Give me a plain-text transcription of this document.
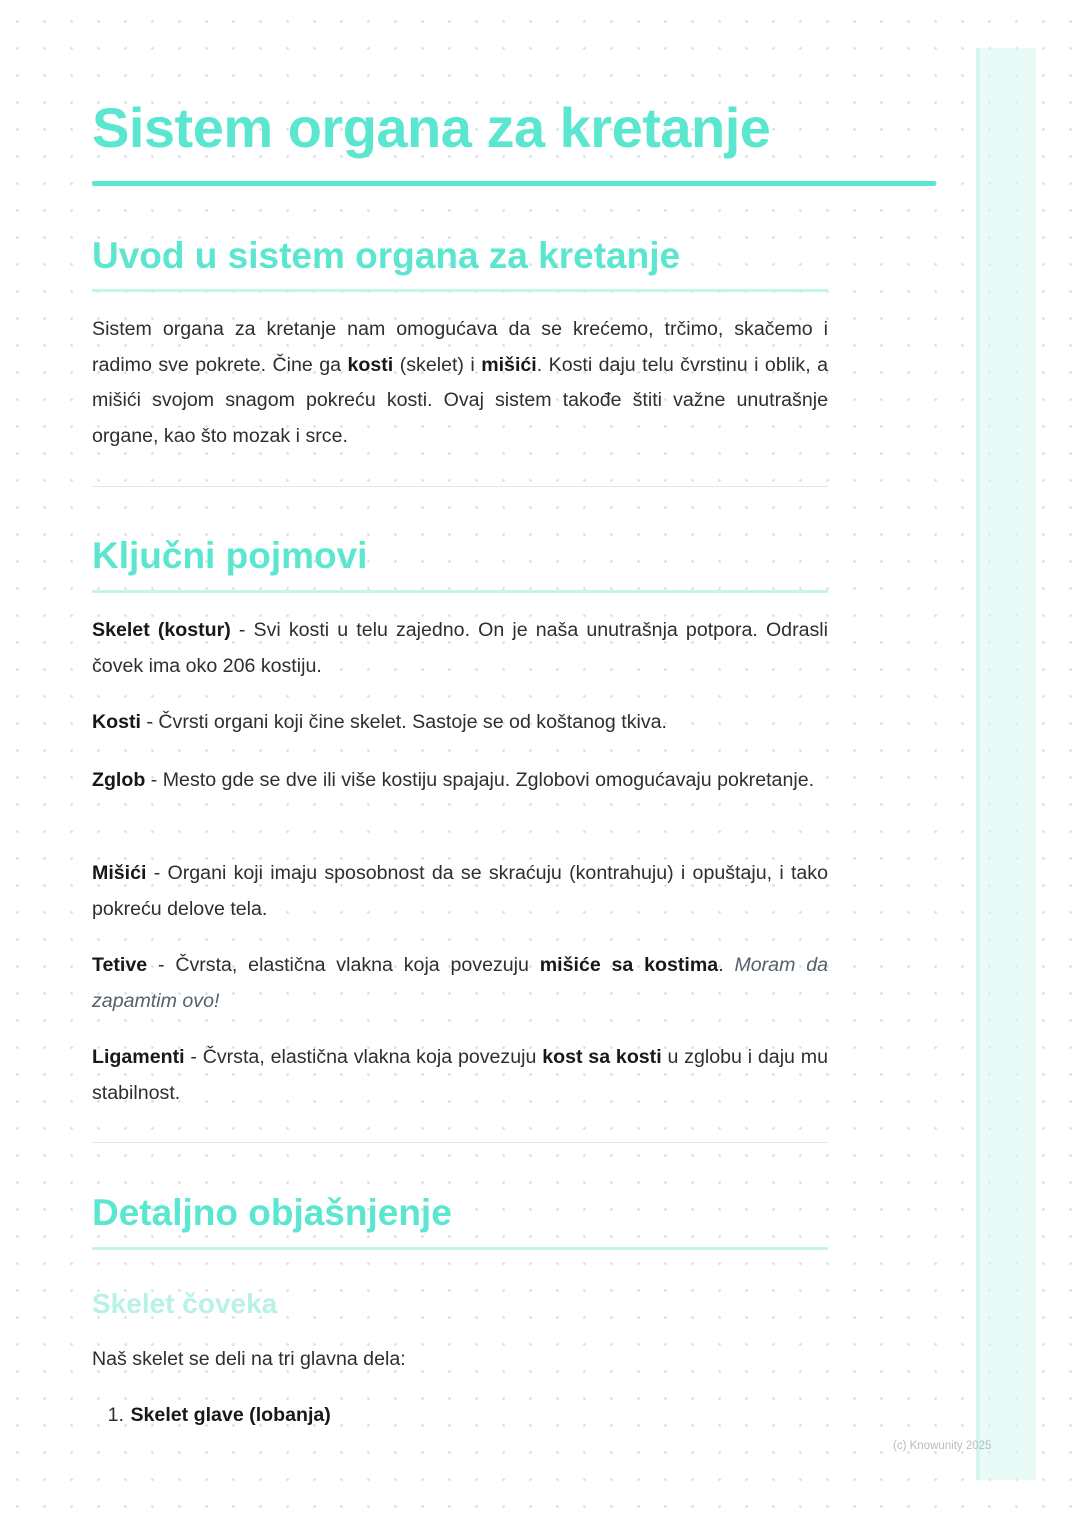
Sistem organa za kretanje
Uvod u sistem organa za kretanje

Sistem organa za kretanje nam omogućava da se krećemo, trčimo, skačemo i radimo sve pokrete. Čine ga kosti (skelet) i mišići. Kosti daju telu čvrstinu i oblik, a mišići svojom snagom pokreću kosti. Ovaj sistem takođe štiti važne unutrašnje organe, kao što mozak i srce.

Ključni pojmovi

Skelet (kostur) - Svi kosti u telu zajedno. On je naša unutrašnja potpora. Odrasli čovek ima oko 206 kostiju.

Kosti - Čvrsti organi koji čine skelet. Sastoje se od koštanog tkiva.

Zglob - Mesto gde se dve ili više kostiju spajaju. Zglobovi omogućavaju pokretanje.

Mišići - Organi koji imaju sposobnost da se skraćuju (kontrahuju) i opuštaju, i tako pokreću delove tela.

Tetive - Čvrsta, elastična vlakna koja povezuju mišiće sa kostima. Moram da zapamtim ovo!

Ligamenti - Čvrsta, elastična vlakna koja povezuju kost sa kosti u zglobu i daju mu stabilnost.

Detaljno objašnjenje
Skelet čoveka

Naš skelet se deli na tri glavna dela:

1. Skelet glave (lobanja)
(c) Knowunity 2025
